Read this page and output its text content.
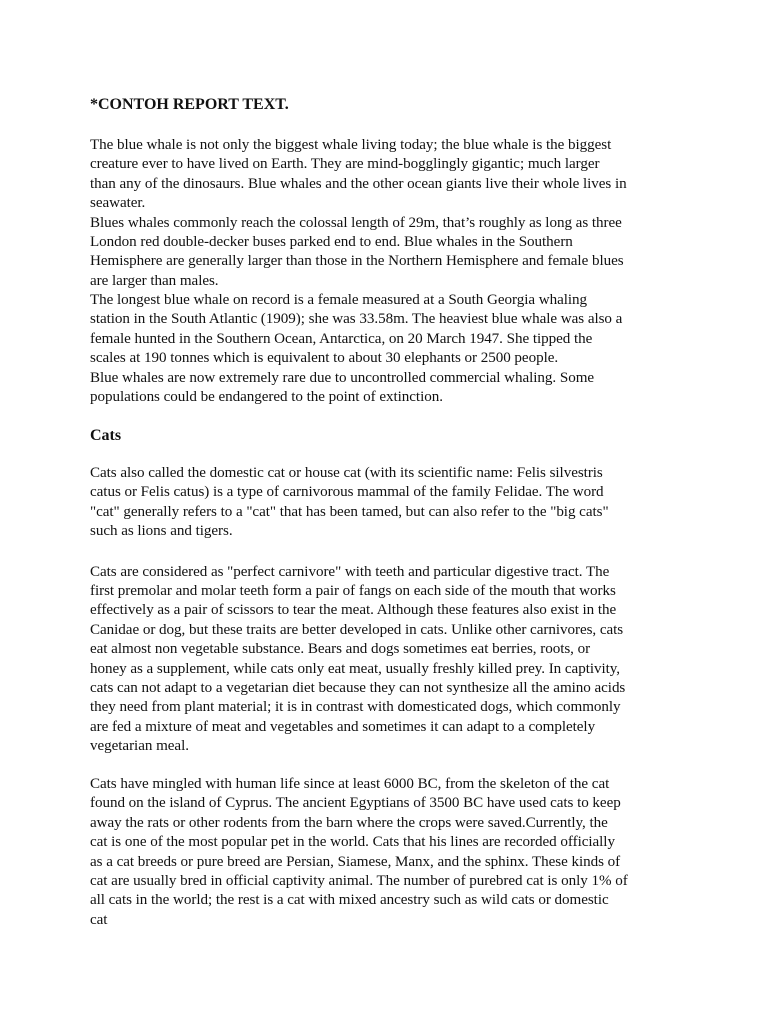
*CONTOH REPORT TEXT.

The blue whale is not only the biggest whale living today; the blue whale is the biggest
creature ever to have lived on Earth. They are mind-bogglingly gigantic; much larger
than any of the dinosaurs. Blue whales and the other ocean giants live their whole lives in
seawater.

Blues whales commonly reach the colossal length of 29m, that’s roughly as long as three
London red double-decker buses parked end to end. Blue whales in the Southern
Hemisphere are generally larger than those in the Northern Hemisphere and female blues
are larger than males.

The longest blue whale on record is a female measured at a South Georgia whaling
station in the South Atlantic (1909); she was 33.58m. The heaviest blue whale was also a
female hunted in the Southern Ocean, Antarctica, on 20 March 1947. She tipped the
scales at 190 tonnes which is equivalent to about 30 elephants or 2500 people.

Blue whales are now extremely rare due to uncontrolled commercial whaling. Some
populations could be endangered to the point of extinction.

Cats

Cats also called the domestic cat or house cat (with its scientific name: Felis silvestris
catus or Felis catus) is a type of carnivorous mammal of the family Felidae. The word
"cat" generally refers to a "cat" that has been tamed, but can also refer to the "big cats"
such as lions and tigers.

Cats are considered as "perfect carnivore" with teeth and particular digestive tract. The
first premolar and molar teeth form a pair of fangs on each side of the mouth that works
effectively as a pair of scissors to tear the meat. Although these features also exist in the
Canidae or dog, but these traits are better developed in cats. Unlike other carnivores, cats
eat almost non vegetable substance. Bears and dogs sometimes eat berries, roots, or
honey as a supplement, while cats only eat meat, usually freshly killed prey. In captivity,
cats can not adapt to a vegetarian diet because they can not synthesize all the amino acids
they need from plant material; it is in contrast with domesticated dogs, which commonly
are fed a mixture of meat and vegetables and sometimes it can adapt to a completely
vegetarian meal.

Cats have mingled with human life since at least 6000 BC, from the skeleton of the cat
found on the island of Cyprus. The ancient Egyptians of 3500 BC have used cats to keep
away the rats or other rodents from the barn where the crops were saved.Currently, the
cat is one of the most popular pet in the world. Cats that his lines are recorded officially
as a cat breeds or pure breed are Persian, Siamese, Manx, and the sphinx. These kinds of
cat are usually bred in official captivity animal. The number of purebred cat is only 1% of
all cats in the world; the rest is a cat with mixed ancestry such as wild cats or domestic
cat
